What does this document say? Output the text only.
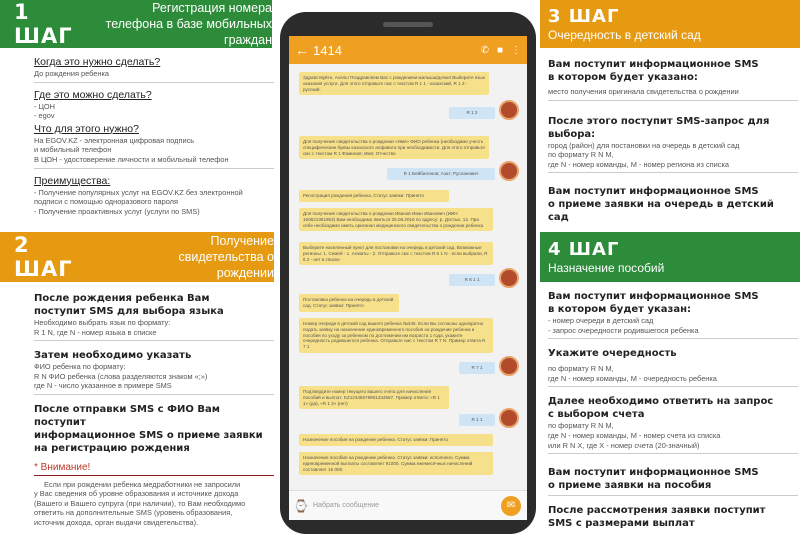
1 ШАГ
Регистрация номера
телефона в базе мобильных граждан
Когда это нужно сделать?
До рождения ребенка
Где это можно сделать?
- ЦОН
- egov
Что для этого нужно?
На EGOV.KZ - электронная цифровая подпись
и мобильный телефон
В ЦОН - удостоверение личности и мобильный телефон
Преимущества:
- Получение популярных услуг на EGOV.KZ без электронной
подписи с помощью одноразового пароля
- Получение проактивных услуг (услуги по SMS)
2 ШАГ
Получение
свидетельства о рождении
После рождения ребенка Вам
поступит SMS для выбора языка
Необходимо выбрать язык по формату:
R 1 N, где N - номер языка в списке
Затем необходимо указать
ФИО ребенка по формату:
R N ФИО ребенка (слова разделяются знаком «;»)
где N - число указанное в примере SMS
После отправки SMS с ФИО Вам поступит
информационное SMS о приеме заявки
на регистрацию рождения
* Внимание!
Если при рождении ребенка медработники не запросили
у Вас сведения об уровне образования и источнике дохода
(Вашего и Вашего супруга (при наличии), то Вам необходимо
ответить на дополнительные SMS (уровень образования,
источник дохода, орган выдачи свидетельства).
3 ШАГ
Очередность в детский сад
Вам поступит информационное SMS
в котором будет указано:
место получения оригинала свидетельства о рождении
После этого поступит SMS-запрос для
выбора:
город (район) для постановки на очередь в детский сад
по формату R N M,
где N - номер команды, M - номер региона из списка
Вам поступит информационное SMS
о приеме заявки на очередь в детский сад
4 ШАГ
Назначение пособий
Вам поступит информационное SMS
в котором будет указан:
- номер очереди в детский сад
- запрос очередности родившегося ребенка
Укажите очередность
по формату R N M,
где N - номер команды, M - очередность ребенка
Далее необходимо ответить на запрос
с выбором счета
по формату R N M,
где N - номер команды, M - номер счета из списка
или R N X, где X - номер счета (20-значный)
Вам поступит информационное SMS
о приеме заявки на пособия
После рассмотрения заявки поступит
SMS с размерами выплат
← 1414	✆ ■ ⋮
Здравствуйте, Асель! Поздравляем Вас с рождением малыша/дочки! Выберите язык оказания услуги. Для этого отправьте смс с текстом R 1 1 - казахский, R 1 2 - русский.
R 1 2
Для получения свидетельства о рождении «Имя» ФИО ребенка (необходимо учесть специфические буквы казахского алфавита при необходимости. Для этого отправьте смс с текстом R 1 Фамилия; Имя; Отчество
R 1 Бейбилонов; Азат; Русланович
Регистрация рождения ребенка. Статус заявки: Принято
Для получения свидетельства о рождении Иванов Иван Иванович (ИИН 160621351953) Вам необходимо явиться 25.06.2016 по адресу: р. Достык, 12. При себе необходимо иметь оригинал медицинского свидетельства о рождении ребенка
Выберите населенный пункт для постановки на очередь в детский сад. Возможные регионы: 1. Семей - 1. Алматы - 2. Отправьте смс с текстом R 6 1 N - если выбрали, R 6 2 - нет в списке
R 6 1 1
Постановка ребенка на очередь в детский сад. Статус заявки: Принято
Номер очереди в детский сад вашего ребенка №345. Если Вы согласны однократно подать заявку на назначение единовременного пособия на рождение ребенка и пособия по уходу за ребенком по достижении им возраста 1 года, укажите очередность родившегося ребенка. Отправьте смс с текстом R 7 N. Пример ответа R 7 1
R 7 1
Подтвердите номер текущего вашего счета для начисления пособий и выплат: KZ12345678901234567. Пример ответа: «R 1 1» (да), «R 1 2» (нет)
R 1 1
Назначение пособия на рождение ребенка. Статус заявки: Принято
Назначение пособия на рождение ребенка. Статус заявки: исполнено. Сумма единовременной выплаты составляет 91000. Сумма ежемесячных начислений составляет 15 000.
⌚ Набрать сообщение	✉
